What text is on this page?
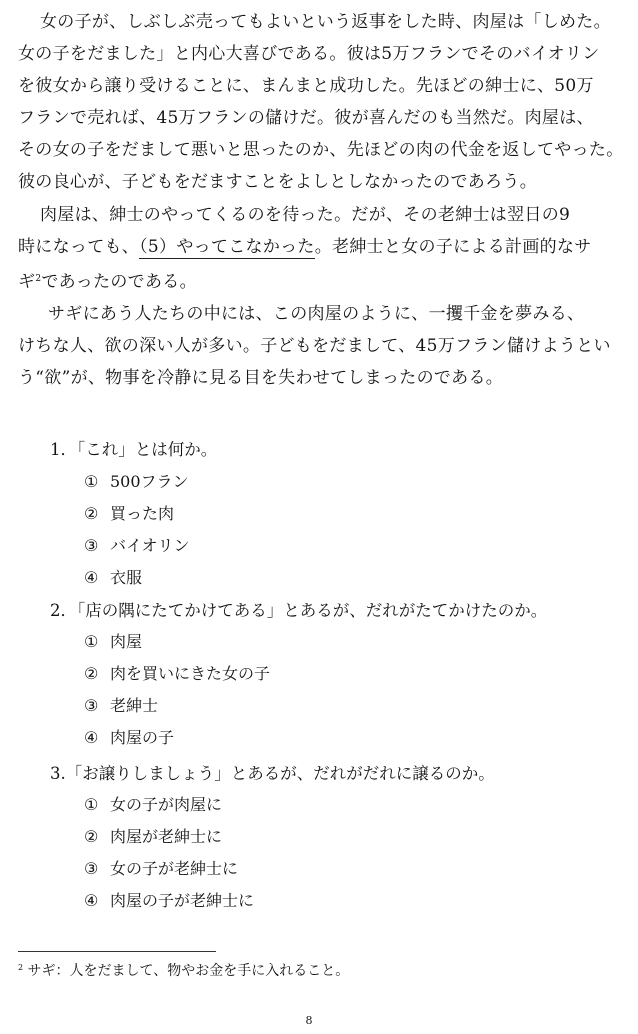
女の子が、しぶしぶ売ってもよいという返事をした時、肉屋は「しめた。
女の子をだました」と内心大喜びである。彼は5万フランでそのバイオリン
を彼女から譲り受けることに、まんまと成功した。先ほどの紳士に、50万
フランで売れば、45万フランの儲けだ。彼が喜んだのも当然だ。肉屋は、
その女の子をだまして悪いと思ったのか、先ほどの肉の代金を返してやった。
彼の良心が、子どもをだますことをよしとしなかったのであろう。

肉屋は、紳士のやってくるのを待った。だが、その老紳士は翌日の9
時になっても、（5）やってこなかった。老紳士と女の子による計画的なサ
ギ$^2$であったのである。

サギにあう人たちの中には、この肉屋のように、一攫千金を夢みる、
けちな人、欲の深い人が多い。子どもをだまして、45万フラン儲けようとい
う“欲”が、物事を冷静に見る目を失わせてしまったのである。

1．「これ」とは何か。
① 500フラン
② 買った肉
③ バイオリン
④ 衣服
2．「店の隅にたてかけてある」とあるが、だれがたてかけたのか。
① 肉屋
② 肉を買いにきた女の子
③ 老紳士
④ 肉屋の子
3.「お譲りしましょう」とあるが、だれがだれに譲るのか。
① 女の子が肉屋に
② 肉屋が老紳士に
③ 女の子が老紳士に
④ 肉屋の子が老紳士に
$^2$ サギ：人をだまして、物やお金を手に入れること。
8
